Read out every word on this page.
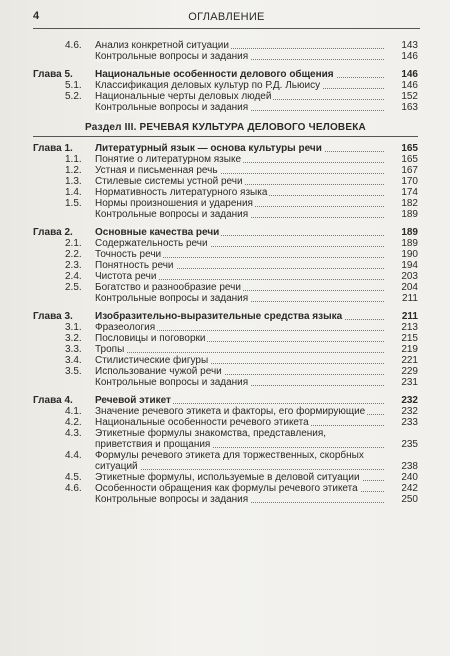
4	ОГЛАВЛЕНИЕ
4.6. Анализ конкретной ситуации	143
Контрольные вопросы и задания	146
Глава 5. Национальные особенности делового общения	146
5.1. Классификация деловых культур по Р.Д. Льюису	146
5.2. Национальные черты деловых людей	152
Контрольные вопросы и задания	163
Раздел III. РЕЧЕВАЯ КУЛЬТУРА ДЕЛОВОГО ЧЕЛОВЕКА
Глава 1. Литературный язык — основа культуры речи	165
1.1. Понятие о литературном языке	165
1.2. Устная и письменная речь	167
1.3. Стилевые системы устной речи	170
1.4. Нормативность литературного языка	174
1.5. Нормы произношения и ударения	182
Контрольные вопросы и задания	189
Глава 2. Основные качества речи	189
2.1. Содержательность речи	189
2.2. Точность речи	190
2.3. Понятность речи	194
2.4. Чистота речи	203
2.5. Богатство и разнообразие речи	204
Контрольные вопросы и задания	211
Глава 3. Изобразительно-выразительные средства языка	211
3.1. Фразеология	213
3.2. Пословицы и поговорки	215
3.3. Тропы	219
3.4. Стилистические фигуры	221
3.5. Использование чужой речи	229
Контрольные вопросы и задания	231
Глава 4. Речевой этикет	232
4.1. Значение речевого этикета и факторы, его формирующие	232
4.2. Национальные особенности речевого этикета	233
4.3. Этикетные формулы знакомства, представления, приветствия и прощания	235
4.4. Формулы речевого этикета для торжественных, скорбных ситуаций	238
4.5. Этикетные формулы, используемые в деловой ситуации	240
4.6. Особенности обращения как формулы речевого этикета	242
Контрольные вопросы и задания	250
